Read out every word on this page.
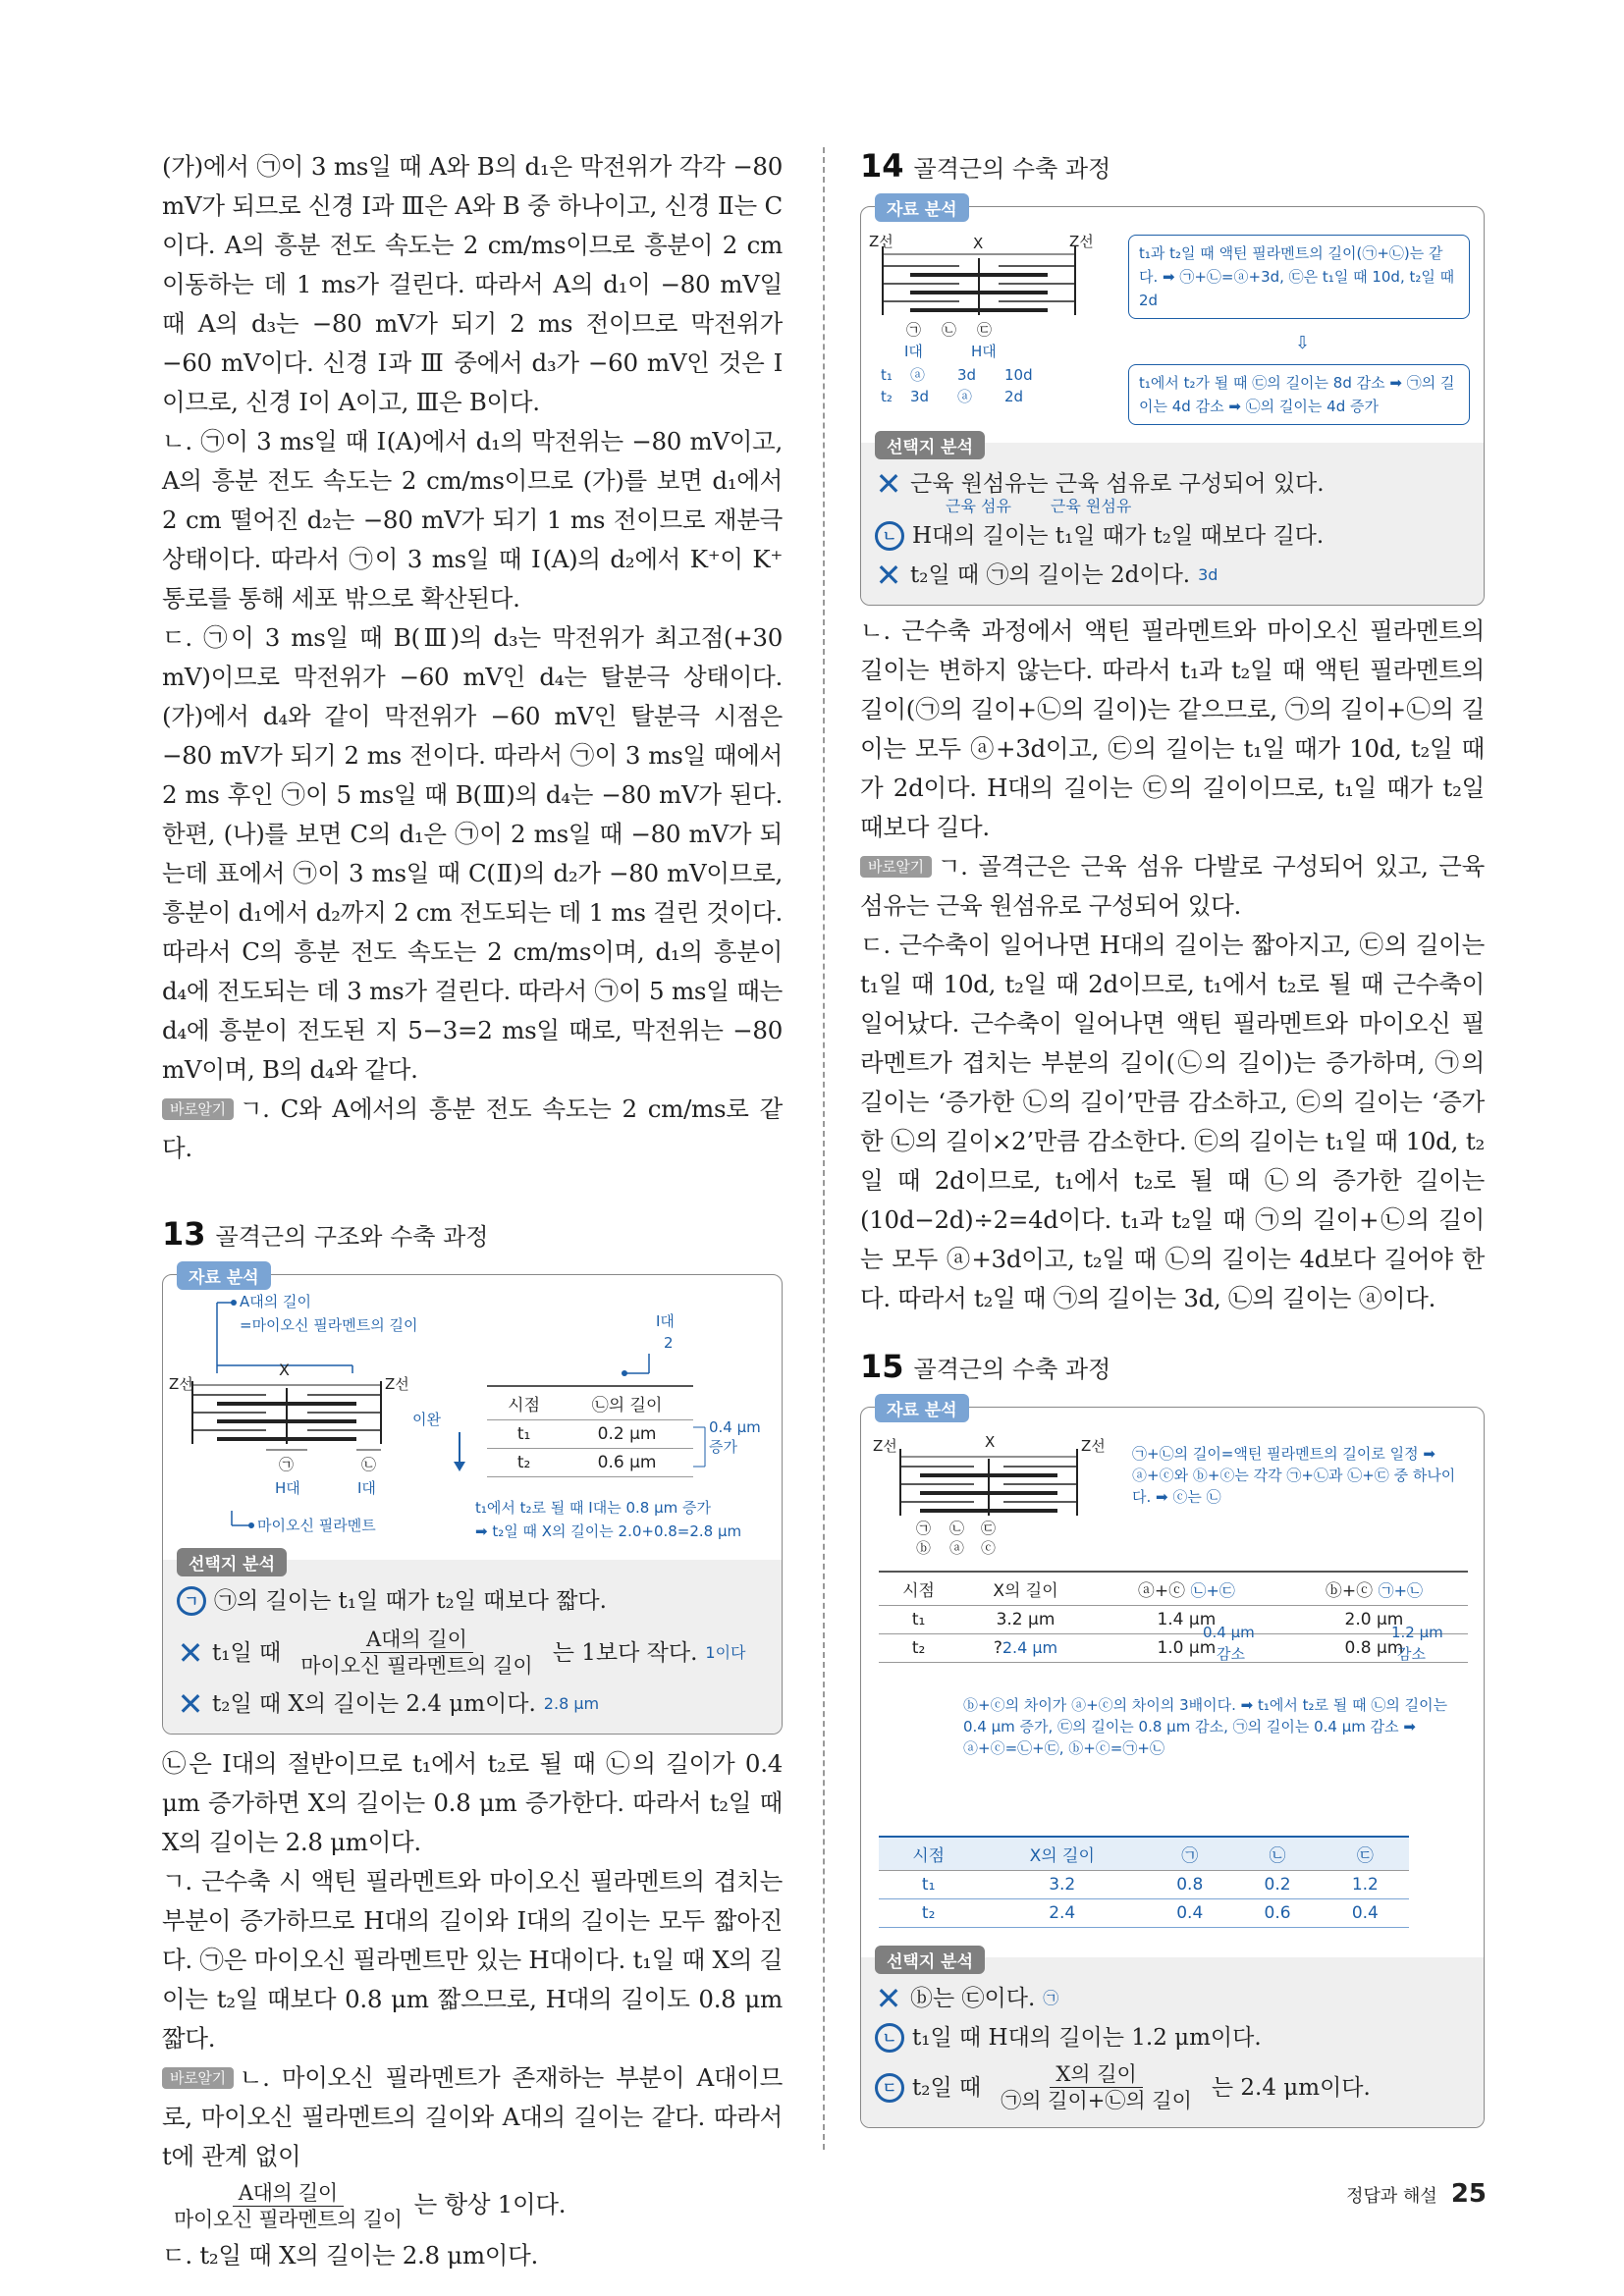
(가)에서 ㉠이 3 ms일 때 A와 B의 d₁은 막전위가 각각 −80 mV가 되므로 신경 Ⅰ과 Ⅲ은 A와 B 중 하나이고, 신경 Ⅱ는 C이다. A의 흥분 전도 속도는 2 cm/ms이므로 흥분이 2 cm 이동하는 데 1 ms가 걸린다. 따라서 A의 d₁이 −80 mV일 때 A의 d₃는 −80 mV가 되기 2 ms 전이므로 막전위가 −60 mV이다. 신경 Ⅰ과 Ⅲ 중에서 d₃가 −60 mV인 것은 Ⅰ이므로, 신경 Ⅰ이 A이고, Ⅲ은 B이다.

ㄴ. ㉠이 3 ms일 때 Ⅰ(A)에서 d₁의 막전위는 −80 mV이고, A의 흥분 전도 속도는 2 cm/ms이므로 (가)를 보면 d₁에서 2 cm 떨어진 d₂는 −80 mV가 되기 1 ms 전이므로 재분극 상태이다. 따라서 ㉠이 3 ms일 때 Ⅰ(A)의 d₂에서 K⁺이 K⁺ 통로를 통해 세포 밖으로 확산된다.

ㄷ. ㉠이 3 ms일 때 B(Ⅲ)의 d₃는 막전위가 최고점(+30 mV)이므로 막전위가 −60 mV인 d₄는 탈분극 상태이다. (가)에서 d₄와 같이 막전위가 −60 mV인 탈분극 시점은 −80 mV가 되기 2 ms 전이다. 따라서 ㉠이 3 ms일 때에서 2 ms 후인 ㉠이 5 ms일 때 B(Ⅲ)의 d₄는 −80 mV가 된다. 한편, (나)를 보면 C의 d₁은 ㉠이 2 ms일 때 −80 mV가 되는데 표에서 ㉠이 3 ms일 때 C(Ⅱ)의 d₂가 −80 mV이므로, 흥분이 d₁에서 d₂까지 2 cm 전도되는 데 1 ms 걸린 것이다. 따라서 C의 흥분 전도 속도는 2 cm/ms이며, d₁의 흥분이 d₄에 전도되는 데 3 ms가 걸린다. 따라서 ㉠이 5 ms일 때는 d₄에 흥분이 전도된 지 5−3=2 ms일 때로, 막전위는 −80 mV이며, B의 d₄와 같다.

바로알기 ㄱ. C와 A에서의 흥분 전도 속도는 2 cm/ms로 같다.

13 골격근의 구조와 수축 과정
자료 분석
A대의 길이
=마이오신 필라멘트의 길이
X
Z선	Z선
㉠	㉡
H대	I대
마이오신 필라멘트
I대
2
이완	0.4 μm
증가
시점	㉡의 길이
t₁	0.2 μm
t₂	0.6 μm
t₁에서 t₂로 될 때 I대는 0.8 μm 증가
➡ t₂일 때 X의 길이는 2.0+0.8=2.8 μm
선택지 분석
ㄱ ㉠의 길이는 t₁일 때가 t₂일 때보다 짧다.
✕ t₁일 때 $\frac{\text{A대의 길이}}{\text{마이오신 필라멘트의 길이}}$ 는 1보다 작다. 1이다
✕ t₂일 때 X의 길이는 2.4 μm이다. 2.8 μm

㉡은 I대의 절반이므로 t₁에서 t₂로 될 때 ㉡의 길이가 0.4 μm 증가하면 X의 길이는 0.8 μm 증가한다. 따라서 t₂일 때 X의 길이는 2.8 μm이다.

ㄱ. 근수축 시 액틴 필라멘트와 마이오신 필라멘트의 겹치는 부분이 증가하므로 H대의 길이와 I대의 길이는 모두 짧아진다. ㉠은 마이오신 필라멘트만 있는 H대이다. t₁일 때 X의 길이는 t₂일 때보다 0.8 μm 짧으므로, H대의 길이도 0.8 μm 짧다.

바로알기 ㄴ. 마이오신 필라멘트가 존재하는 부분이 A대이므로, 마이오신 필라멘트의 길이와 A대의 길이는 같다. 따라서 t에 관계 없이

$\frac{\text{A대의 길이}}{\text{마이오신 필라멘트의 길이}}$ 는 항상 1이다.

ㄷ. t₂일 때 X의 길이는 2.8 μm이다.

14 골격근의 수축 과정
자료 분석
Z선	Z선
X
㉠ ㉡ ㉢
I대	H대
t₁	ⓐ	3d	10d
t₂	3d	ⓐ	2d
t₁과 t₂일 때 액틴 필라멘트의 길이(㉠+㉡)는 같다. ➡ ㉠+㉡=ⓐ+3d, ㉢은 t₁일 때 10d, t₂일 때 2d
⇩
t₁에서 t₂가 될 때 ㉢의 길이는 8d 감소 ➡ ㉠의 길이는 4d 감소 ➡ ㉡의 길이는 4d 증가
선택지 분석
✕ 근육 원섬유는 근육 섬유로 구성되어 있다.
근육 섬유	근육 원섬유
ㄴ H대의 길이는 t₁일 때가 t₂일 때보다 길다.
✕ t₂일 때 ㉠의 길이는 2d이다. 3d

ㄴ. 근수축 과정에서 액틴 필라멘트와 마이오신 필라멘트의 길이는 변하지 않는다. 따라서 t₁과 t₂일 때 액틴 필라멘트의 길이(㉠의 길이+㉡의 길이)는 같으므로, ㉠의 길이+㉡의 길이는 모두 ⓐ+3d이고, ㉢의 길이는 t₁일 때가 10d, t₂일 때가 2d이다. H대의 길이는 ㉢의 길이이므로, t₁일 때가 t₂일 때보다 길다.

바로알기 ㄱ. 골격근은 근육 섬유 다발로 구성되어 있고, 근육 섬유는 근육 원섬유로 구성되어 있다.

ㄷ. 근수축이 일어나면 H대의 길이는 짧아지고, ㉢의 길이는 t₁일 때 10d, t₂일 때 2d이므로, t₁에서 t₂로 될 때 근수축이 일어났다. 근수축이 일어나면 액틴 필라멘트와 마이오신 필라멘트가 겹치는 부분의 길이(㉡의 길이)는 증가하며, ㉠의 길이는 ‘증가한 ㉡의 길이’만큼 감소하고, ㉢의 길이는 ‘증가한 ㉡의 길이×2’만큼 감소한다. ㉢의 길이는 t₁일 때 10d, t₂일 때 2d이므로, t₁에서 t₂로 될 때 ㉡의 증가한 길이는 (10d−2d)÷2=4d이다. t₁과 t₂일 때 ㉠의 길이+㉡의 길이는 모두 ⓐ+3d이고, t₂일 때 ㉡의 길이는 4d보다 길어야 한다. 따라서 t₂일 때 ㉠의 길이는 3d, ㉡의 길이는 ⓐ이다.

15 골격근의 수축 과정
자료 분석
Z선	Z선
X
㉠ ㉡ ㉢
ⓑ ⓐ ⓒ
㉠+㉡의 길이=액틴 필라멘트의 길이로 일정 ➡ ⓐ+ⓒ와 ⓑ+ⓒ는 각각 ㉠+㉡과 ㉡+㉢ 중 하나이다. ➡ ⓒ는 ㉡
시점	X의 길이	ⓐ+ⓒ ㉡+㉢	ⓑ+ⓒ ㉠+㉡
t₁	3.2 μm	1.4 μm	2.0 μm
t₂	?2.4 μm	1.0 μm	0.8 μm
0.4 μm
감소
1.2 μm
감소
ⓑ+ⓒ의 차이가 ⓐ+ⓒ의 차이의 3배이다. ➡ t₁에서 t₂로 될 때 ㉡의 길이는 0.4 μm 증가, ㉢의 길이는 0.8 μm 감소, ㉠의 길이는 0.4 μm 감소 ➡ ⓐ+ⓒ=㉡+㉢, ⓑ+ⓒ=㉠+㉡
시점	X의 길이	㉠	㉡	㉢
t₁	3.2	0.8	0.2	1.2
t₂	2.4	0.4	0.6	0.4
선택지 분석
✕ ⓑ는 ㉢이다. ㉠
ㄴ t₁일 때 H대의 길이는 1.2 μm이다.
ㄷ t₂일 때 $\frac{\text{X의 길이}}{\text{㉠의 길이+㉡의 길이}}$ 는 2.4 μm이다.
정답과 해설 25
